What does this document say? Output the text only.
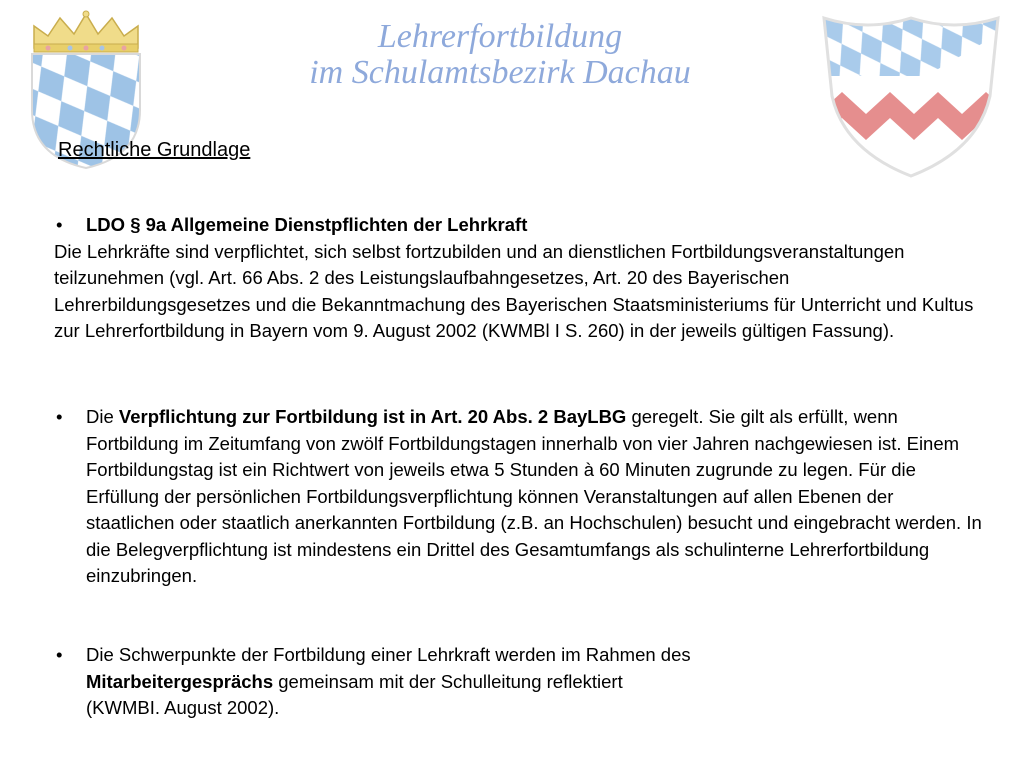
Lehrerfortbildung
im Schulamtsbezirk Dachau
Rechtliche Grundlage
•	LDO § 9a Allgemeine Dienstpflichten der Lehrkraft
Die Lehrkräfte sind verpflichtet, sich selbst fortzubilden und an dienstlichen Fortbildungsveranstaltungen teilzunehmen (vgl. Art. 66 Abs. 2 des Leistungslaufbahngesetzes, Art. 20 des Bayerischen Lehrerbildungsgesetzes und die Bekanntmachung des Bayerischen Staatsministeriums für Unterricht und Kultus zur Lehrerfortbildung in Bayern vom 9. August 2002 (KWMBl I S. 260) in der jeweils gültigen Fassung).
•	Die Verpflichtung zur Fortbildung ist in Art. 20 Abs. 2 BayLBG geregelt. Sie gilt als erfüllt, wenn Fortbildung im Zeitumfang von zwölf Fortbildungstagen innerhalb von vier Jahren nachgewiesen ist. Einem Fortbildungstag ist ein Richtwert von jeweils etwa 5 Stunden à 60 Minuten zugrunde zu legen. Für die Erfüllung der persönlichen Fortbildungsverpflichtung können Veranstaltungen auf allen Ebenen der staatlichen oder staatlich anerkannten Fortbildung (z.B. an Hochschulen) besucht und eingebracht werden. In die Belegverpflichtung ist mindestens ein Drittel des Gesamtumfangs als schulinterne Lehrerfortbildung einzubringen.
•	Die Schwerpunkte der Fortbildung einer Lehrkraft werden im Rahmen des
Mitarbeitergesprächs gemeinsam mit der Schulleitung reflektiert
(KWMBI. August 2002).
